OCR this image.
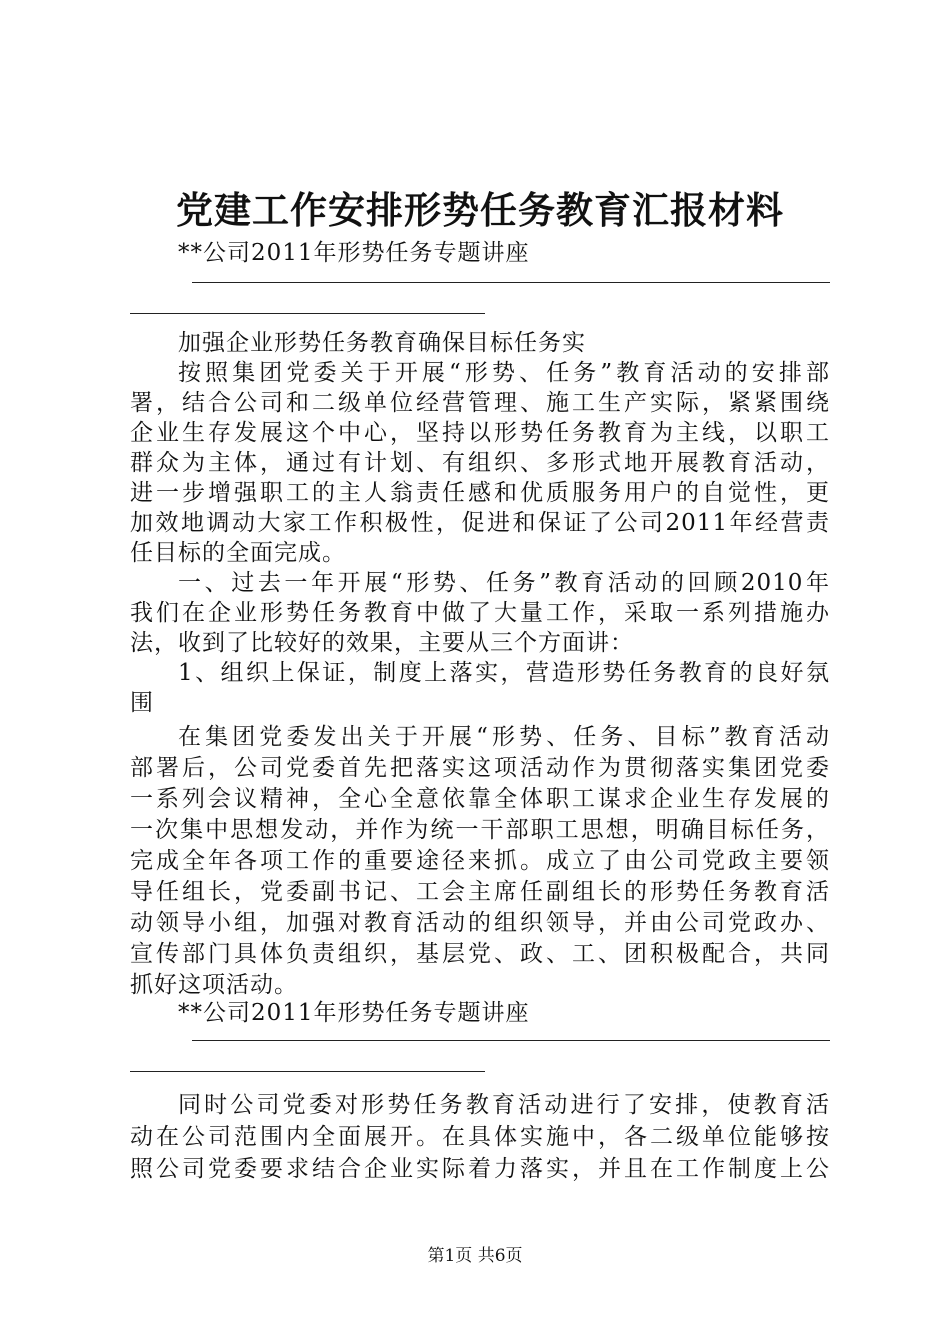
党建工作安排形势任务教育汇报材料
**公司2011年形势任务专题讲座
加强企业形势任务教育确保目标任务实
按照集团党委关于开展“形势、任务”教育活动的安排部
署，结合公司和二级单位经营管理、施工生产实际，紧紧围绕
企业生存发展这个中心，坚持以形势任务教育为主线，以职工
群众为主体，通过有计划、有组织、多形式地开展教育活动，
进一步增强职工的主人翁责任感和优质服务用户的自觉性，更
加效地调动大家工作积极性，促进和保证了公司2011年经营责
任目标的全面完成。
一、过去一年开展“形势、任务”教育活动的回顾2010年
我们在企业形势任务教育中做了大量工作，采取一系列措施办
法，收到了比较好的效果，主要从三个方面讲：
1、组织上保证，制度上落实，营造形势任务教育的良好氛
围
在集团党委发出关于开展“形势、任务、目标”教育活动
部署后，公司党委首先把落实这项活动作为贯彻落实集团党委
一系列会议精神，全心全意依靠全体职工谋求企业生存发展的
一次集中思想发动，并作为统一干部职工思想，明确目标任务，
完成全年各项工作的重要途径来抓。成立了由公司党政主要领
导任组长，党委副书记、工会主席任副组长的形势任务教育活
动领导小组，加强对教育活动的组织领导，并由公司党政办、
宣传部门具体负责组织，基层党、政、工、团积极配合，共同
抓好这项活动。
**公司2011年形势任务专题讲座
同时公司党委对形势任务教育活动进行了安排，使教育活
动在公司范围内全面展开。在具体实施中，各二级单位能够按
照公司党委要求结合企业实际着力落实，并且在工作制度上公
第1页 共6页
